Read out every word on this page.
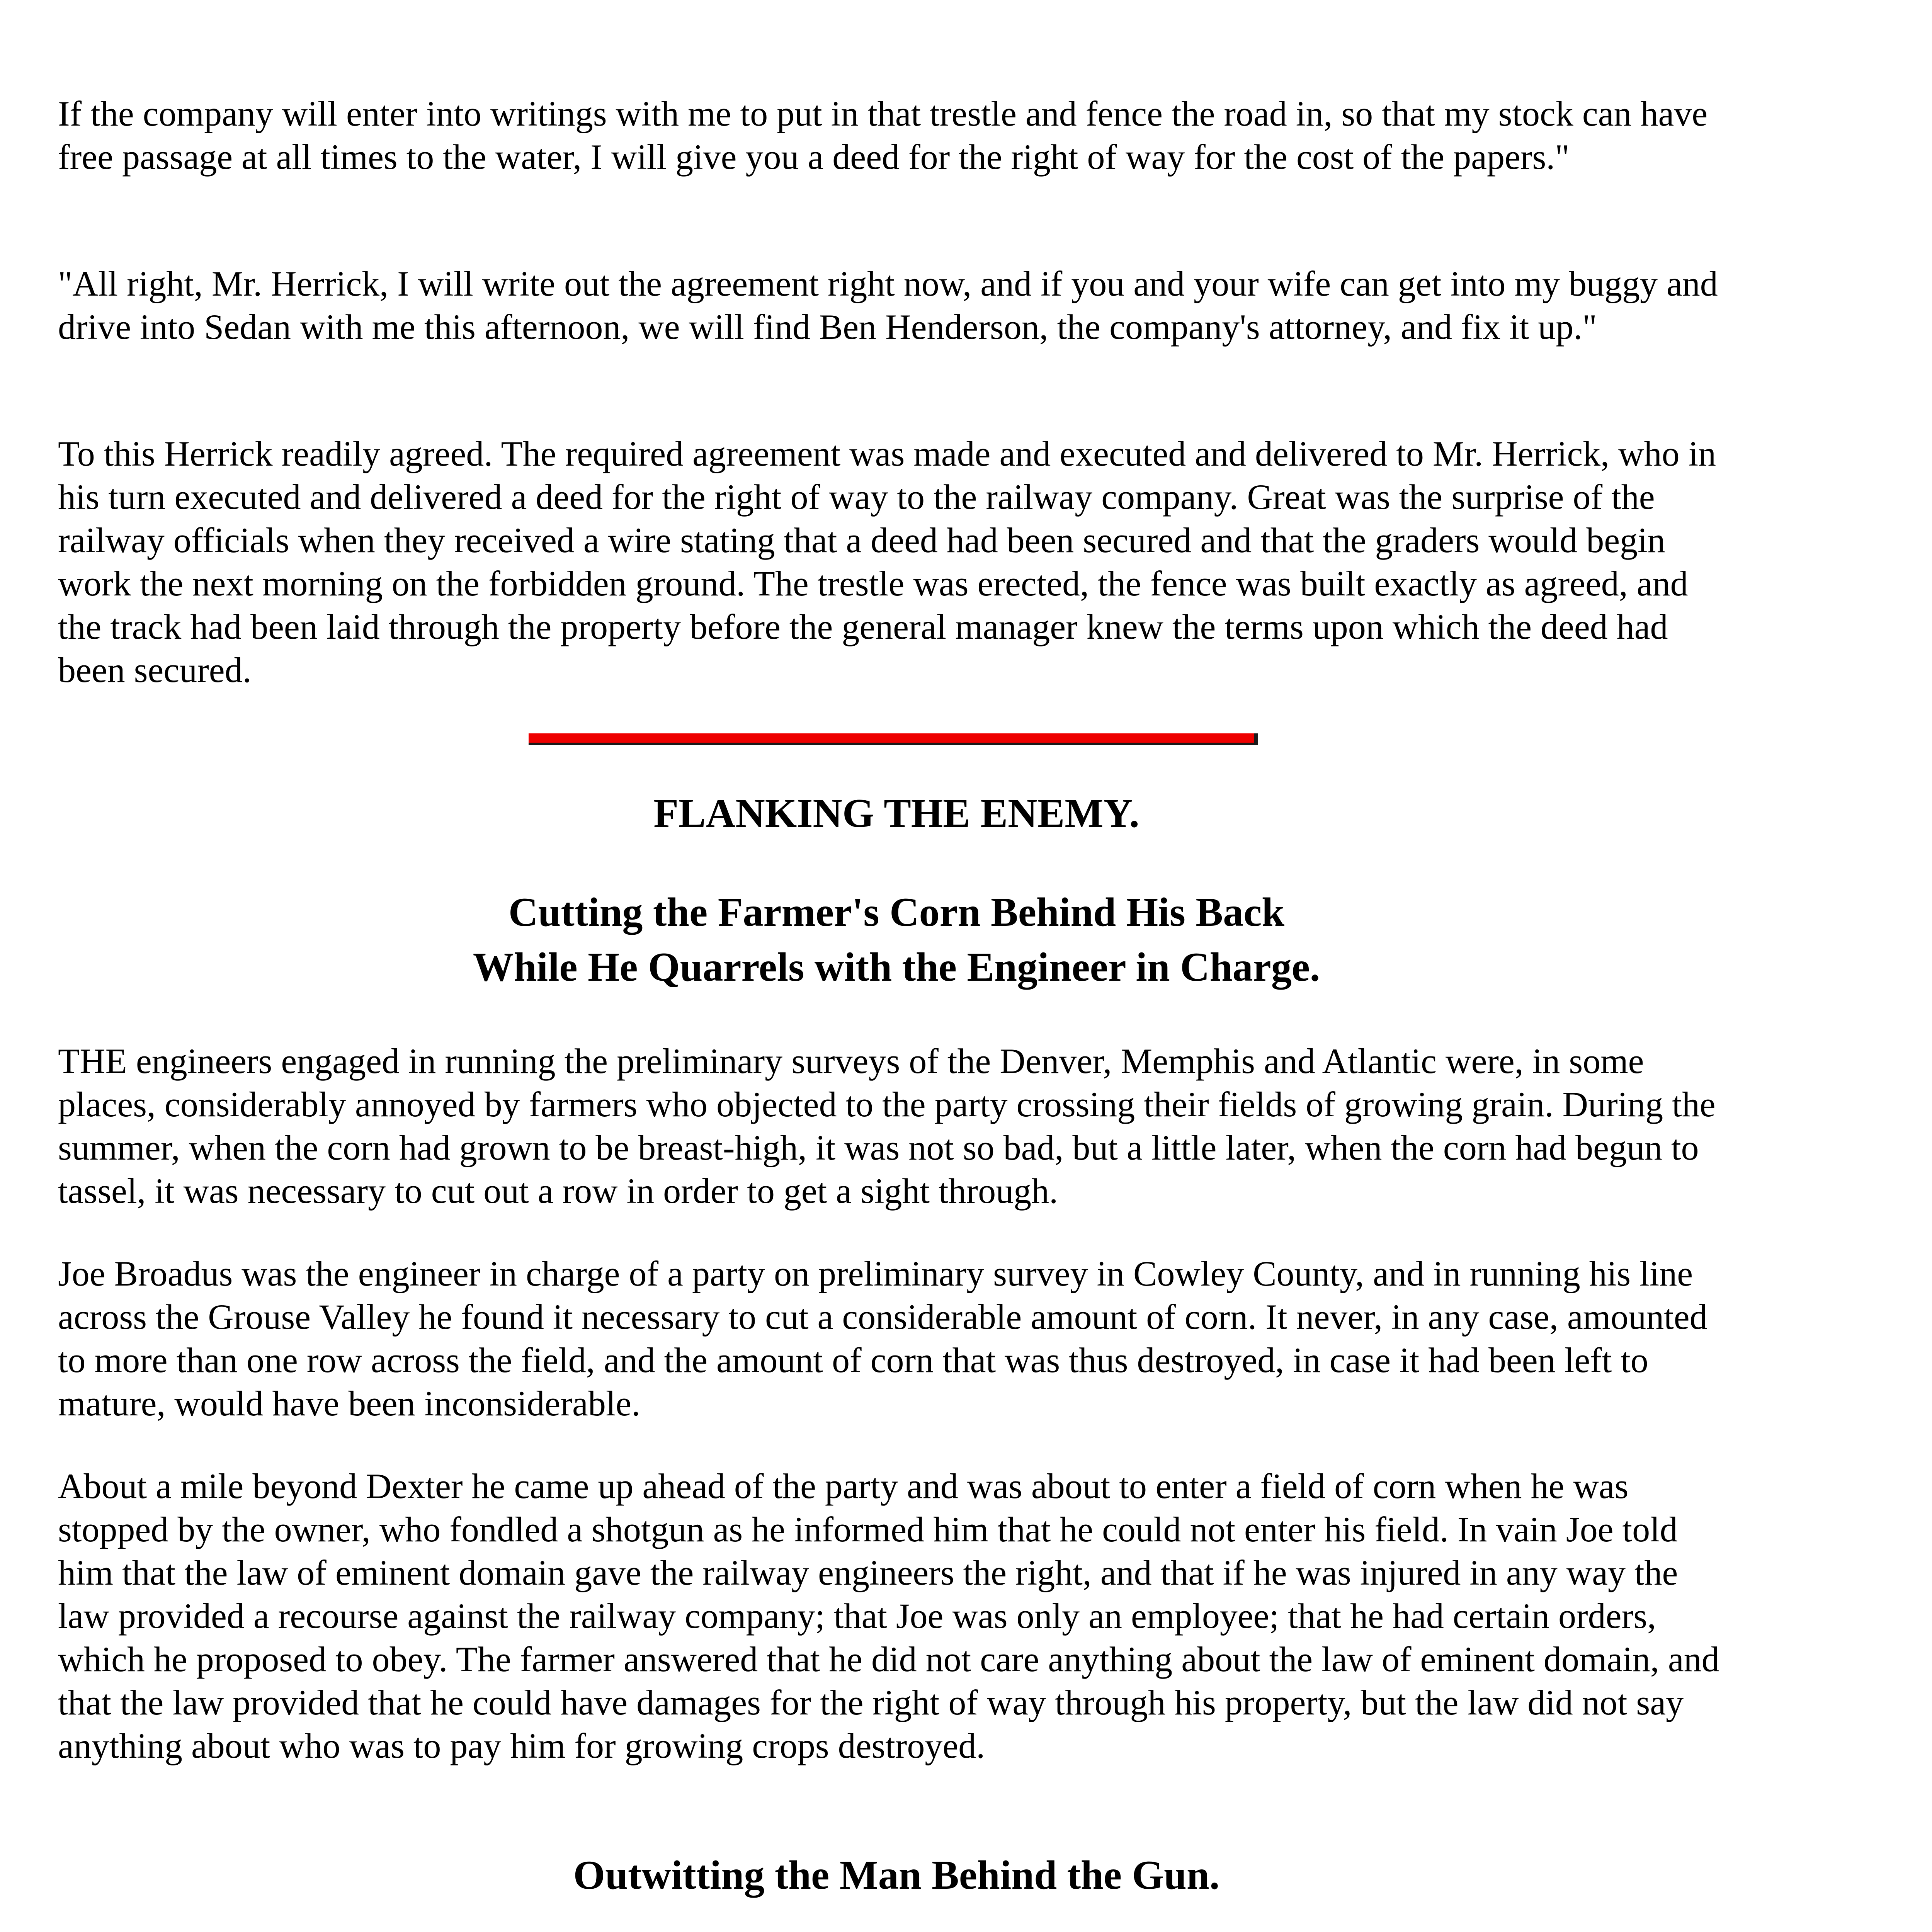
If the company will enter into writings with me to put in that trestle and fence the road in, so that my stock can have free passage at all times to the water, I will give you a deed for the right of way for the cost of the papers."

"All right, Mr. Herrick, I will write out the agreement right now, and if you and your wife can get into my buggy and drive into Sedan with me this afternoon, we will find Ben Henderson, the company's attorney, and fix it up."

To this Herrick readily agreed. The required agreement was made and executed and delivered to Mr. Herrick, who in his turn executed and delivered a deed for the right of way to the railway company. Great was the surprise of the railway officials when they received a wire stating that a deed had been secured and that the graders would begin work the next morning on the forbidden ground. The trestle was erected, the fence was built exactly as agreed, and the track had been laid through the property before the general manager knew the terms upon which the deed had been secured.

FLANKING THE ENEMY.
Cutting the Farmer's Corn Behind His Back
While He Quarrels with the Engineer in Charge.

THE engineers engaged in running the preliminary surveys of the Denver, Memphis and Atlantic were, in some places, considerably annoyed by farmers who objected to the party crossing their fields of growing grain. During the summer, when the corn had grown to be breast-high, it was not so bad, but a little later, when the corn had begun to tassel, it was necessary to cut out a row in order to get a sight through.

Joe Broadus was the engineer in charge of a party on preliminary survey in Cowley County, and in running his line across the Grouse Valley he found it necessary to cut a considerable amount of corn. It never, in any case, amounted to more than one row across the field, and the amount of corn that was thus destroyed, in case it had been left to mature, would have been inconsiderable.

About a mile beyond Dexter he came up ahead of the party and was about to enter a field of corn when he was stopped by the owner, who fondled a shotgun as he informed him that he could not enter his field. In vain Joe told him that the law of eminent domain gave the railway engineers the right, and that if he was injured in any way the law provided a recourse against the railway company; that Joe was only an employee; that he had certain orders, which he proposed to obey. The farmer answered that he did not care anything about the law of eminent domain, and that the law provided that he could have damages for the right of way through his property, but the law did not say anything about who was to pay him for growing crops destroyed.

Outwitting the Man Behind the Gun.
